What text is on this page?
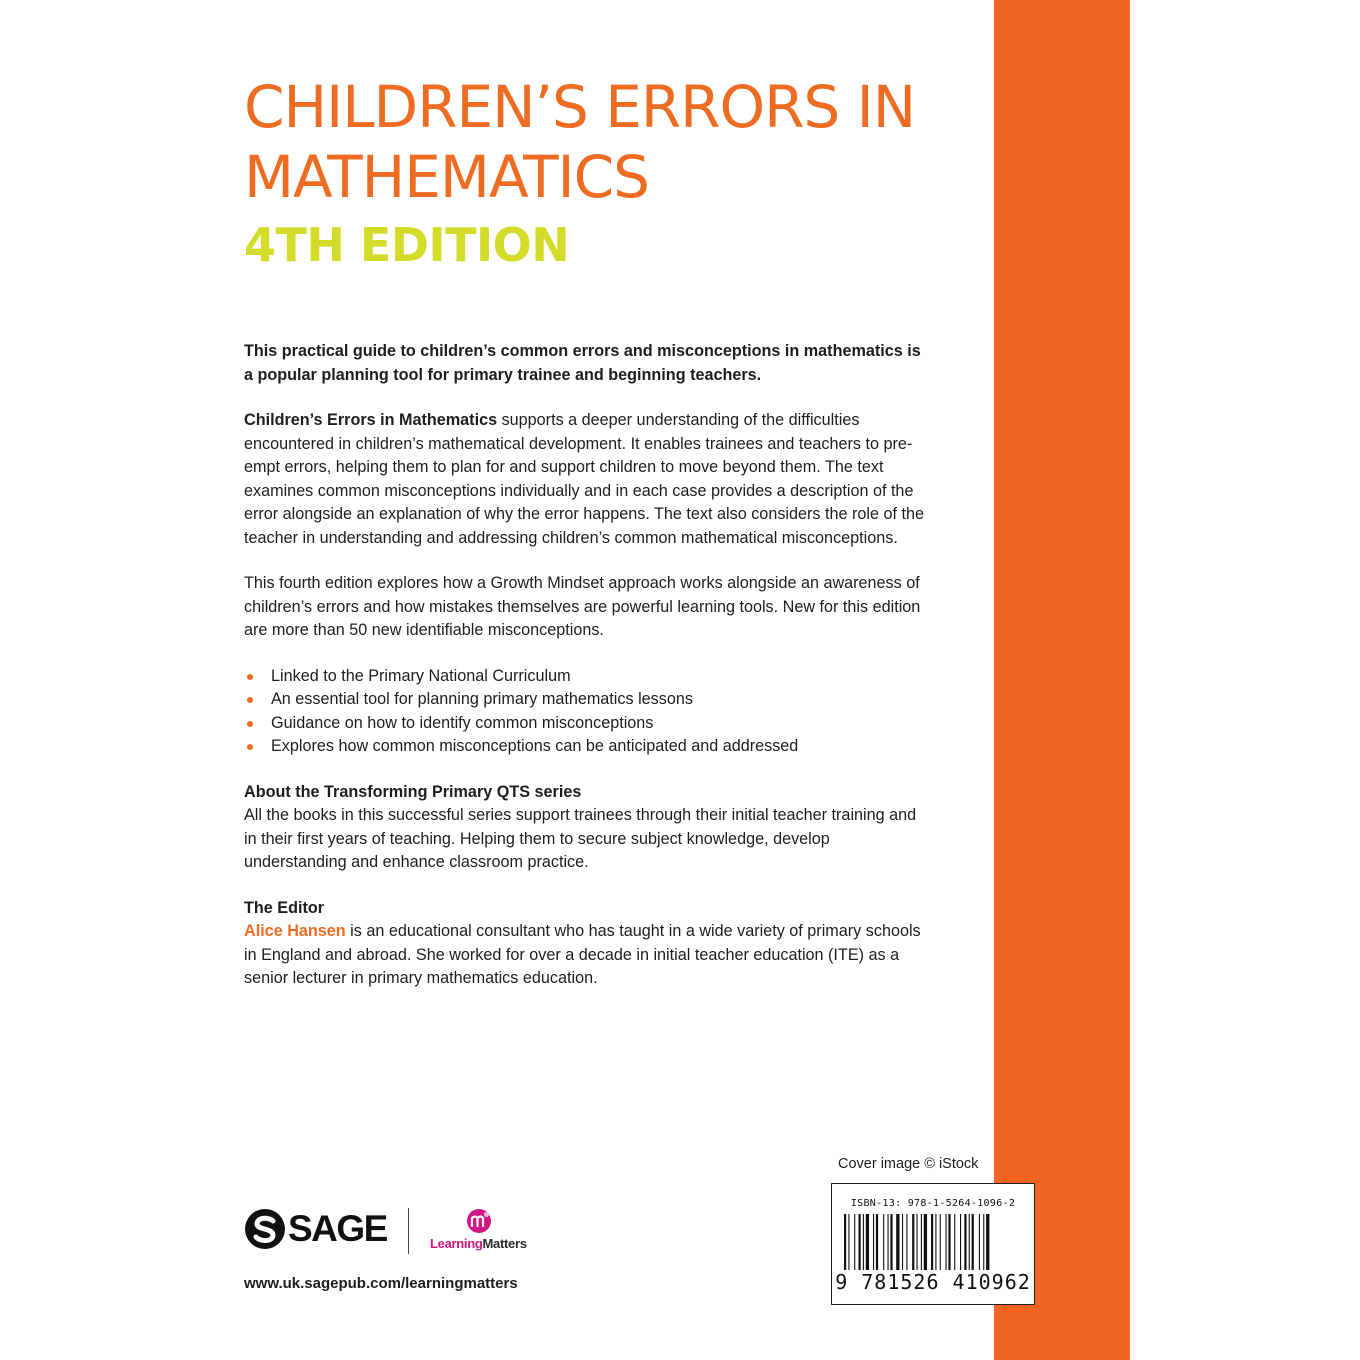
CHILDREN’S ERRORS IN
MATHEMATICS
4TH EDITION

This practical guide to children’s common errors and misconceptions in mathematics is a popular planning tool for primary trainee and beginning teachers.

Children’s Errors in Mathematics supports a deeper understanding of the difficulties encountered in children’s mathematical development. It enables trainees and teachers to pre-empt errors, helping them to plan for and support children to move beyond them. The text examines common misconceptions individually and in each case provides a description of the error alongside an explanation of why the error happens. The text also considers the role of the teacher in understanding and addressing children’s common mathematical misconceptions.

This fourth edition explores how a Growth Mindset approach works alongside an awareness of children’s errors and how mistakes themselves are powerful learning tools. New for this edition are more than 50 new identifiable misconceptions.

Linked to the Primary National Curriculum
An essential tool for planning primary mathematics lessons
Guidance on how to identify common misconceptions
Explores how common misconceptions can be anticipated and addressed

About the Transforming Primary QTS series

All the books in this successful series support trainees through their initial teacher training and in their first years of teaching. Helping them to secure subject knowledge, develop understanding and enhance classroom practice.

The Editor

Alice Hansen is an educational consultant who has taught in a wide variety of primary schools in England and abroad. She worked for over a decade in initial teacher education (ITE) as a senior lecturer in primary mathematics education.

Cover image © iStock
ISBN-13: 978-1-5264-1096-2
9 781526 410962
SAGE	LearningMatters
www.uk.sagepub.com/learningmatters
